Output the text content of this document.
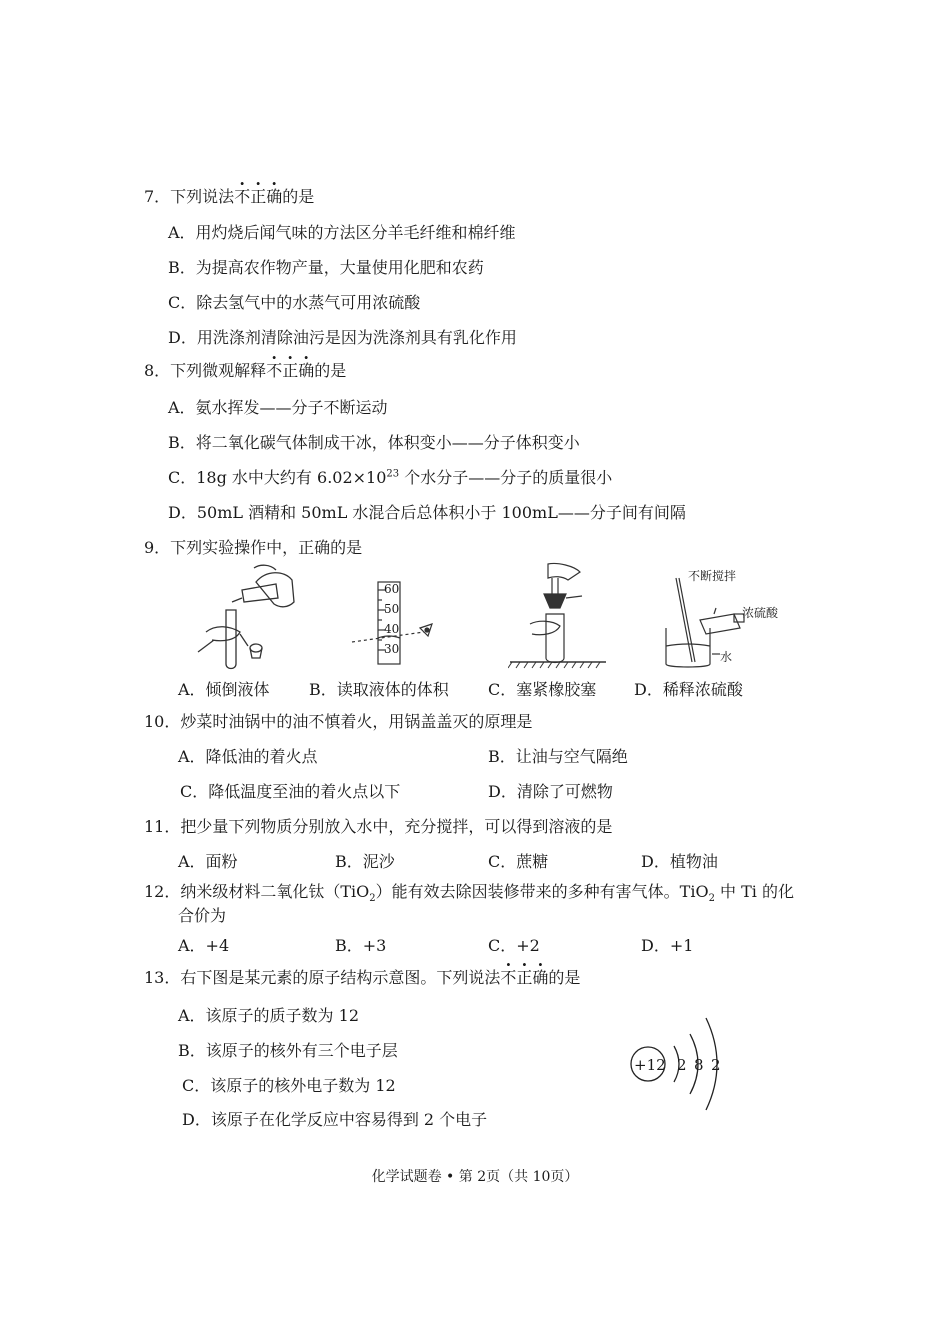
7．下列说法不正确的是
A．用灼烧后闻气味的方法区分羊毛纤维和棉纤维
B．为提高农作物产量，大量使用化肥和农药
C．除去氢气中的水蒸气可用浓硫酸
D．用洗涤剂清除油污是因为洗涤剂具有乳化作用
8．下列微观解释不正确的是
A．氨水挥发——分子不断运动
B．将二氧化碳气体制成干冰，体积变小——分子体积变小
C．18g 水中大约有 $6.02\times 10^{23}$ 个水分子——分子的质量很小
D．50mL 酒精和 50mL 水混合后总体积小于 100mL——分子间有间隔
9．下列实验操作中，正确的是
A．倾倒液体
60
50
40
30
B．读取液体的体积 C．塞紧橡胶塞
不断搅拌
浓硫酸
水
D．稀释浓硫酸
10．炒菜时油锅中的油不慎着火，用锅盖盖灭的原理是
A．降低油的着火点	B．让油与空气隔绝
C．降低温度至油的着火点以下	D．清除了可燃物
11．把少量下列物质分别放入水中，充分搅拌，可以得到溶液的是
A．面粉	B．泥沙	C．蔗糖	D．植物油
12．纳米级材料二氧化钛（TiO$_2$）能有效去除因装修带来的多种有害气体。TiO$_2$ 中 Ti 的化
合价为
A．+4	B．+3	C．+2	D．+1
13．右下图是某元素的原子结构示意图。下列说法不正确的是
A．该原子的质子数为 12
B．该原子的核外有三个电子层
C．该原子的核外电子数为 12
D．该原子在化学反应中容易得到 2 个电子
+12 2 8 2
化学试题卷 • 第 2页（共 10页）
